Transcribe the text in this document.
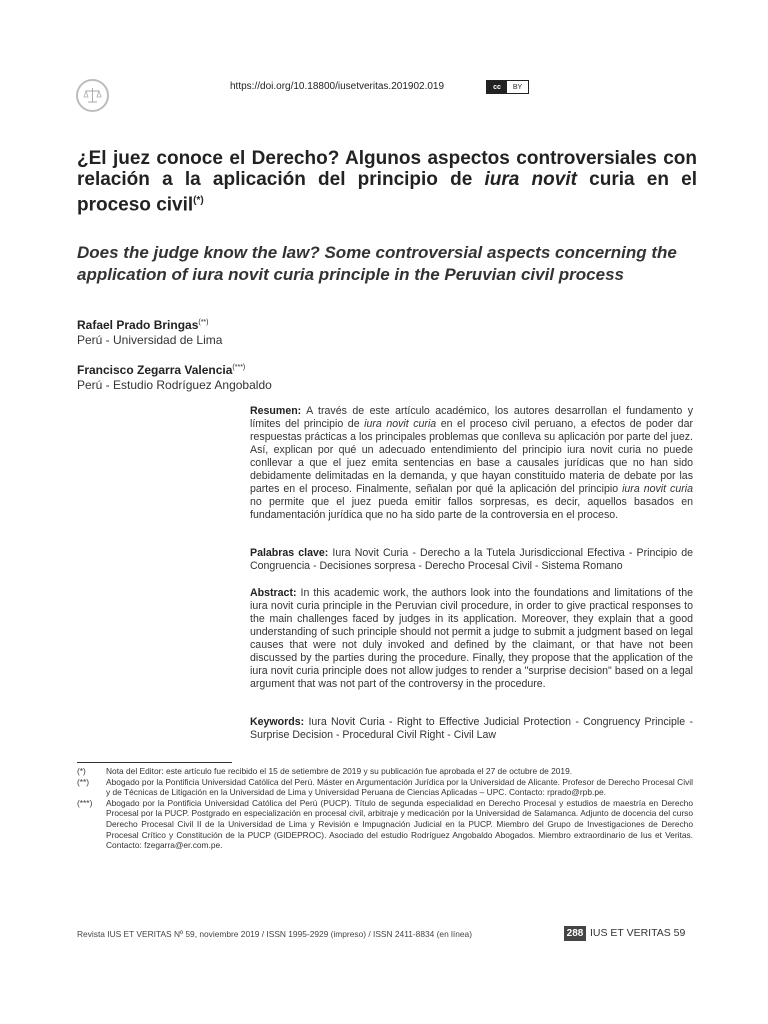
https://doi.org/10.18800/iusetveritas.201902.019	cc	BY
¿El juez conoce el Derecho? Algunos aspectos controversiales con relación a la aplicación del principio de iura novit curia en el proceso civil(*)
Does the judge know the law? Some controversial aspects concerning the application of iura novit curia principle in the Peruvian civil process
Rafael Prado Bringas(**)
Perú - Universidad de Lima
Francisco Zegarra Valencia(***)
Perú - Estudio Rodríguez Angobaldo

Resumen: A través de este artículo académico, los autores desarrollan el fundamento y límites del principio de iura novit curia en el proceso civil peruano, a efectos de poder dar respuestas prácticas a los principales problemas que conlleva su aplicación por parte del juez. Así, explican por qué un adecuado entendimiento del principio iura novit curia no puede conllevar a que el juez emita sentencias en base a causales jurídicas que no han sido debidamente delimitadas en la demanda, y que hayan constituido materia de debate por las partes en el proceso. Finalmente, señalan por qué la aplicación del principio iura novit curia no permite que el juez pueda emitir fallos sorpresas, es decir, aquellos basados en fundamentación jurídica que no ha sido parte de la controversia en el proceso.

Palabras clave: Iura Novit Curia - Derecho a la Tutela Jurisdiccional Efectiva - Principio de Congruencia - Decisiones sorpresa - Derecho Procesal Civil - Sistema Romano

Abstract: In this academic work, the authors look into the foundations and limitations of the iura novit curia principle in the Peruvian civil procedure, in order to give practical responses to the main challenges faced by judges in its application. Moreover, they explain that a good understanding of such principle should not permit a judge to submit a judgment based on legal causes that were not duly invoked and defined by the claimant, or that have not been discussed by the parties during the procedure. Finally, they propose that the application of the iura novit curia principle does not allow judges to render a "surprise decision" based on a legal argument that was not part of the controversy in the procedure.

Keywords: Iura Novit Curia - Right to Effective Judicial Protection - Congruency Principle - Surprise Decision - Procedural Civil Right - Civil Law

(*)	Nota del Editor: este artículo fue recibido el 15 de setiembre de 2019 y su publicación fue aprobada el 27 de octubre de 2019.
(**)	Abogado por la Pontificia Universidad Católica del Perú. Máster en Argumentación Jurídica por la Universidad de Alicante. Profesor de Derecho Procesal Civil y de Técnicas de Litigación en la Universidad de Lima y Universidad Peruana de Ciencias Aplicadas – UPC. Contacto: rprado@rpb.pe.
(***)	Abogado por la Pontificia Universidad Católica del Perú (PUCP). Título de segunda especialidad en Derecho Procesal y estudios de maestría en Derecho Procesal por la PUCP. Postgrado en especialización en procesal civil, arbitraje y medicación por la Universidad de Salamanca. Adjunto de docencia del curso Derecho Procesal Civil II de la Universidad de Lima y Revisión e Impugnación Judicial en la PUCP. Miembro del Grupo de Investigaciones de Derecho Procesal Crítico y Constitución de la PUCP (GIDEPROC). Asociado del estudio Rodríguez Angobaldo Abogados. Miembro extraordinario de Ius et Veritas. Contacto: fzegarra@er.com.pe.
Revista IUS ET VERITAS Nº 59, noviembre 2019 / ISSN 1995-2929 (impreso) / ISSN 2411-8834 (en línea)	288 IUS ET VERITAS 59
